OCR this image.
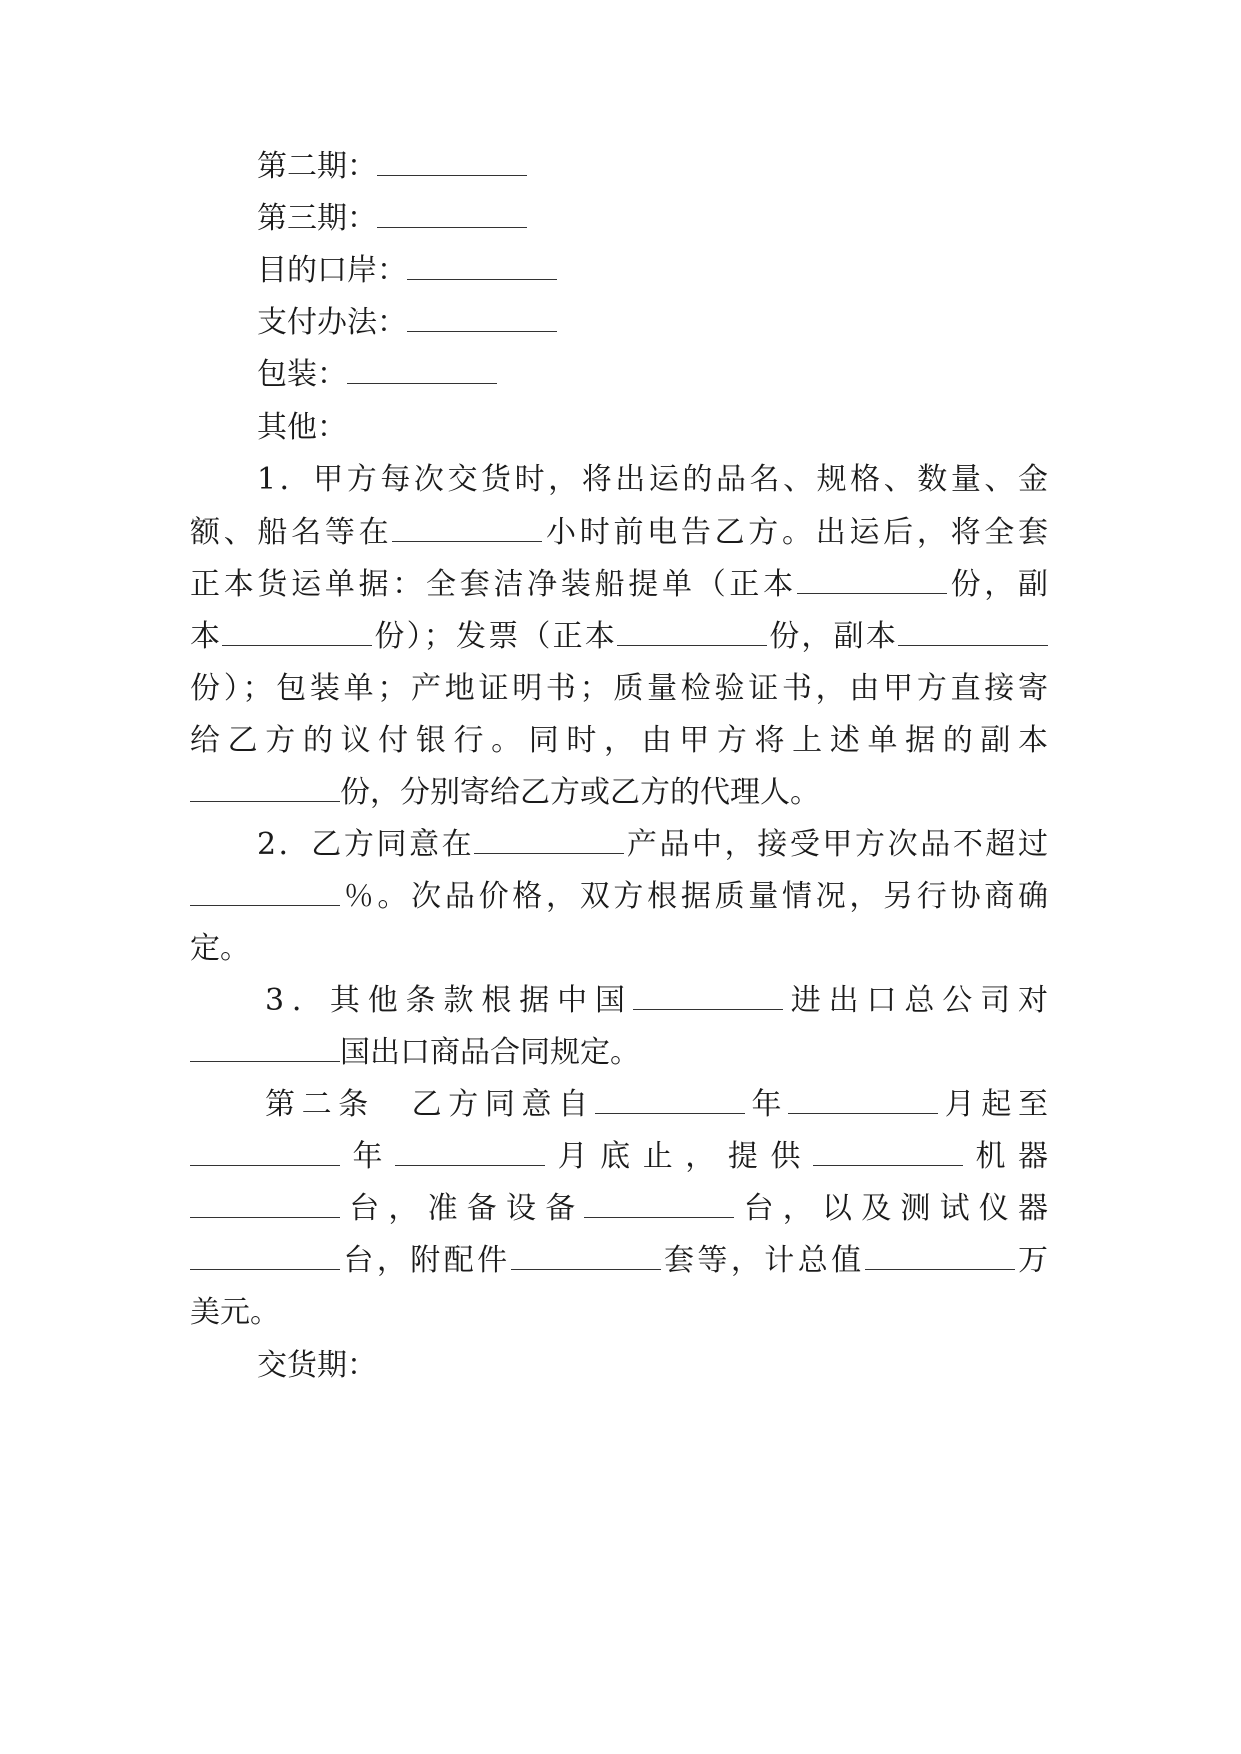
第二期：
第三期：
目的口岸：
支付办法：
包装：
其他：
1．甲方每次交货时，将出运的品名、规格、数量、金
额、船名等在	小时前电告乙方。出运后，将全套
正本货运单据：全套洁净装船提单（正本	份，副
本	份）；发票（正本	份，副本
份）；包装单；产地证明书；质量检验证书，由甲方直接寄
给乙方的议付银行。同时，由甲方将上述单据的副本
份，分别寄给乙方或乙方的代理人。
2．乙方同意在	产品中，接受甲方次品不超过
％。次品价格，双方根据质量情况，另行协商确
定。
3．其他条款根据中国	进出口总公司对
国出口商品合同规定。
第二条　乙方同意自	年	月起至
年	月底止，提供	机器
台，准备设备	台，以及测试仪器
台，附配件	套等，计总值	万
美元。
交货期：
